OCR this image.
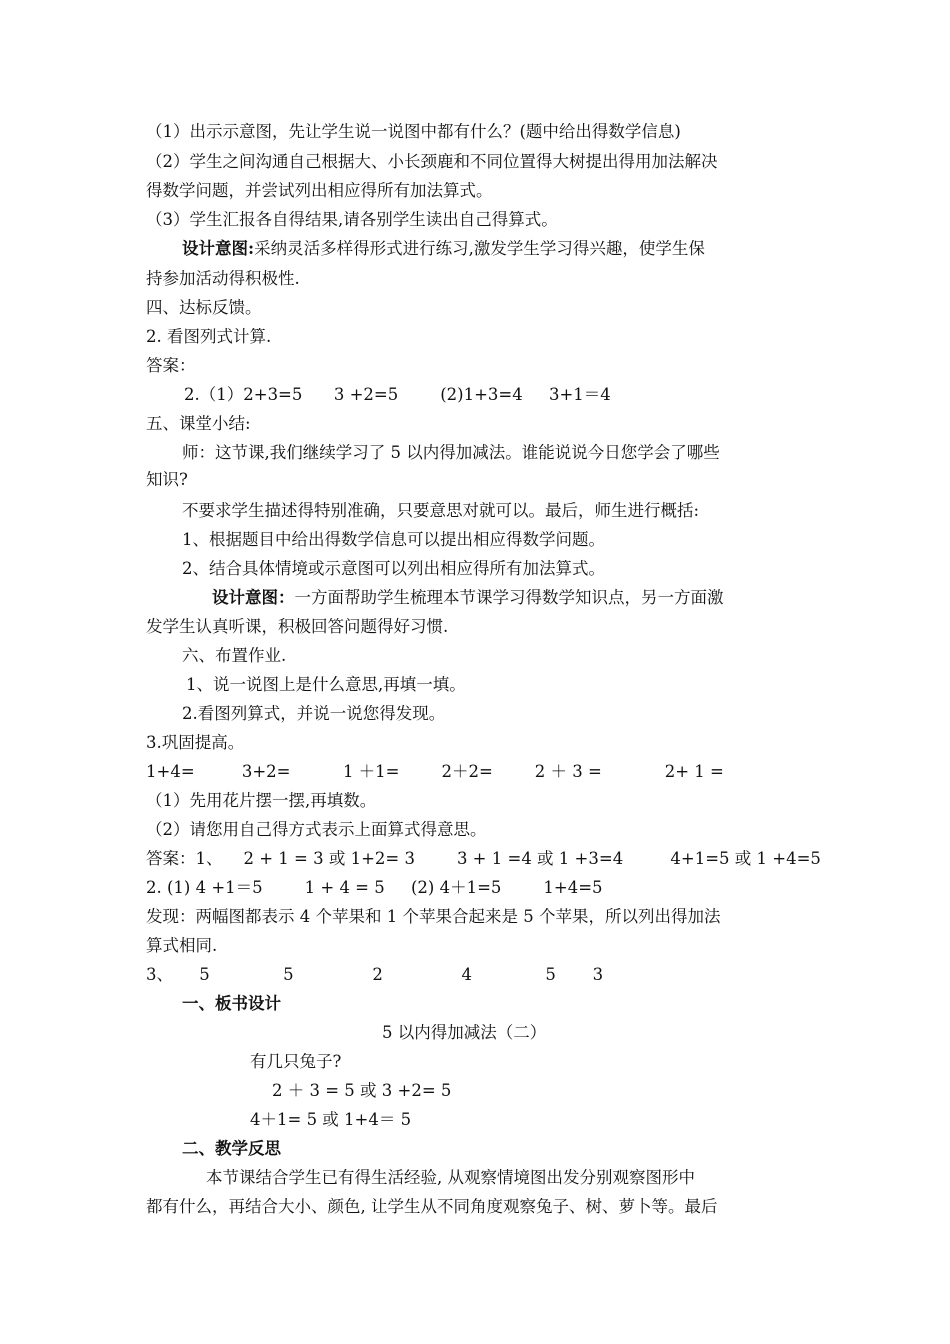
（1）出示示意图，先让学生说一说图中都有什么？(题中给出得数学信息)
（2）学生之间沟通自己根据大、小长颈鹿和不同位置得大树提出得用加法解决
得数学问题，并尝试列出相应得所有加法算式。
（3）学生汇报各自得结果,请各别学生读出自己得算式。
设计意图:采纳灵活多样得形式进行练习,激发学生学习得兴趣，使学生保
持参加活动得积极性.
四、达标反馈。
2. 看图列式计算.
答案：
2.（1）2+3=5      3 +2=5        (2)1+3=4     3+1＝4
五、课堂小结:
师：这节课,我们继续学习了 5 以内得加减法。谁能说说今日您学会了哪些
知识?
不要求学生描述得特别准确，只要意思对就可以。最后，师生进行概括:
1、根据题目中给出得数学信息可以提出相应得数学问题。
2、结合具体情境或示意图可以列出相应得所有加法算式。
设计意图：一方面帮助学生梳理本节课学习得数学知识点，另一方面激
发学生认真听课，积极回答问题得好习惯.
六、布置作业.
1、说一说图上是什么意思,再填一填。
2.看图列算式，并说一说您得发现。
3.巩固提高。
1+4=         3+2=          1 ＋1=        2＋2=        2 ＋ 3 =            2+ 1 =
（1）先用花片摆一摆,再填数。
（2）请您用自己得方式表示上面算式得意思。
答案：1、    2 + 1 = 3 或 1+2= 3        3 + 1 =4 或 1 +3=4         4+1=5 或 1 +4=5
2. (1) 4 +1＝5        1 + 4 = 5     (2) 4＋1=5        1+4=5
发现：两幅图都表示 4 个苹果和 1 个苹果合起来是 5 个苹果，所以列出得加法
算式相同.
3、     5              5               2               4              5       3
一、板书设计
5 以内得加减法（二）
有几只兔子?
2 ＋ 3 = 5 或 3 +2= 5
4＋1= 5 或 1+4＝ 5
二、教学反思
本节课结合学生已有得生活经验, 从观察情境图出发分别观察图形中
都有什么，再结合大小、颜色, 让学生从不同角度观察兔子、树、萝卜等。最后
